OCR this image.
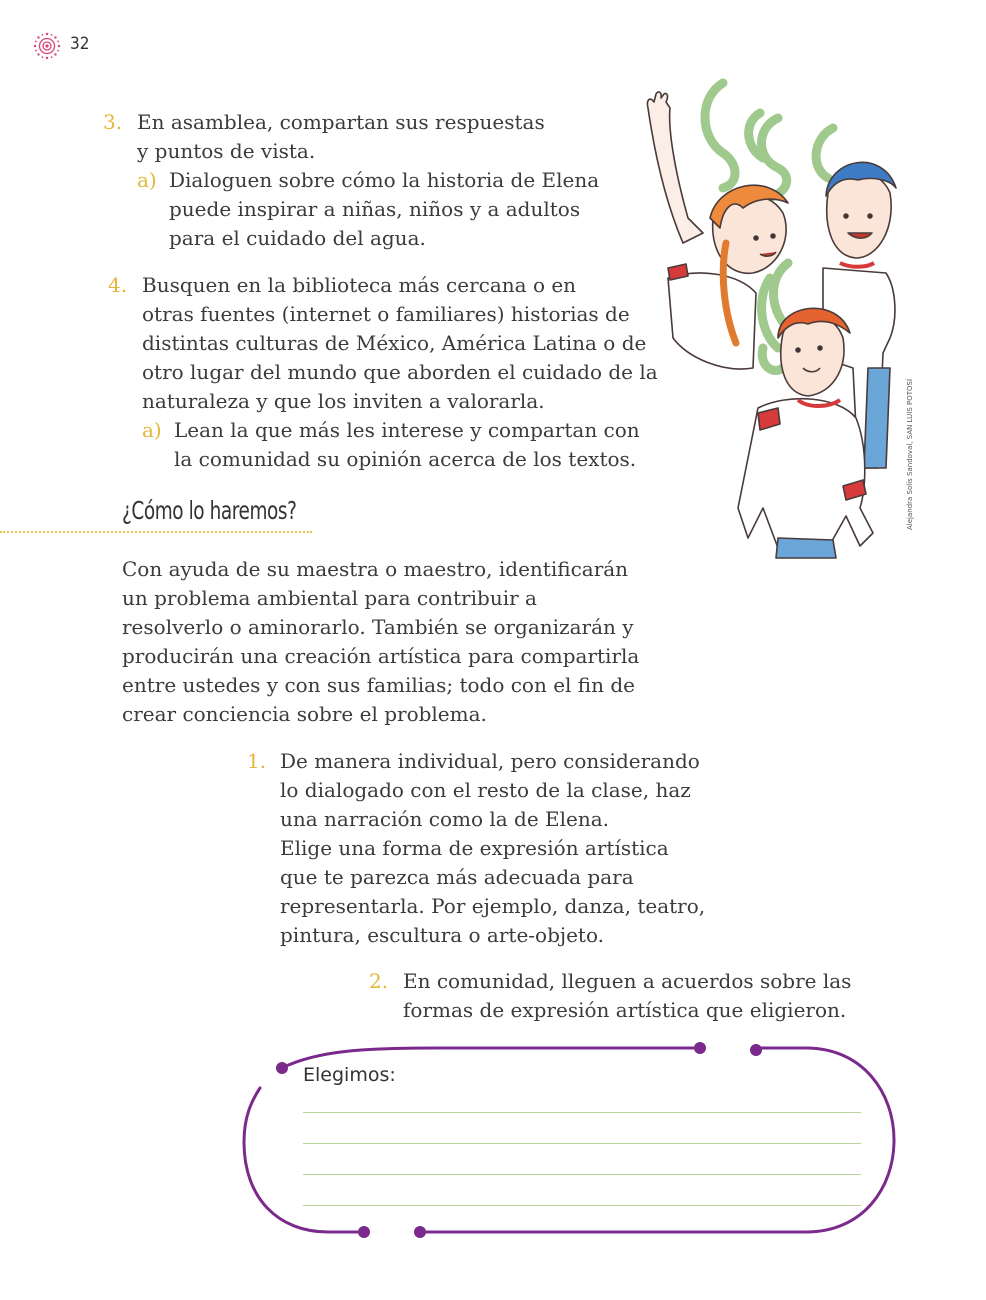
32
3. En asamblea, compartan sus respuestas
y puntos de vista.
a) Dialoguen sobre cómo la historia de Elena
puede inspirar a niñas, niños y a adultos
para el cuidado del agua.
4. Busquen en la biblioteca más cercana o en
otras fuentes (internet o familiares) historias de
distintas culturas de México, América Latina o de
otro lugar del mundo que aborden el cuidado de la
naturaleza y que los inviten a valorarla.
a) Lean la que más les interese y compartan con
la comunidad su opinión acerca de los textos.
¿Cómo lo haremos?
Con ayuda de su maestra o maestro, identificarán
un problema ambiental para contribuir a
resolverlo o aminorarlo. También se organizarán y
producirán una creación artística para compartirla
entre ustedes y con sus familias; todo con el fin de
crear conciencia sobre el problema.
1. De manera individual, pero considerando
lo dialogado con el resto de la clase, haz
una narración como la de Elena.
Elige una forma de expresión artística
que te parezca más adecuada para
representarla. Por ejemplo, danza, teatro,
pintura, escultura o arte-objeto.
2. En comunidad, lleguen a acuerdos sobre las
formas de expresión artística que eligieron.
Alejandra Solís Sandoval, SAN LUIS POTOSÍ
Elegimos:
